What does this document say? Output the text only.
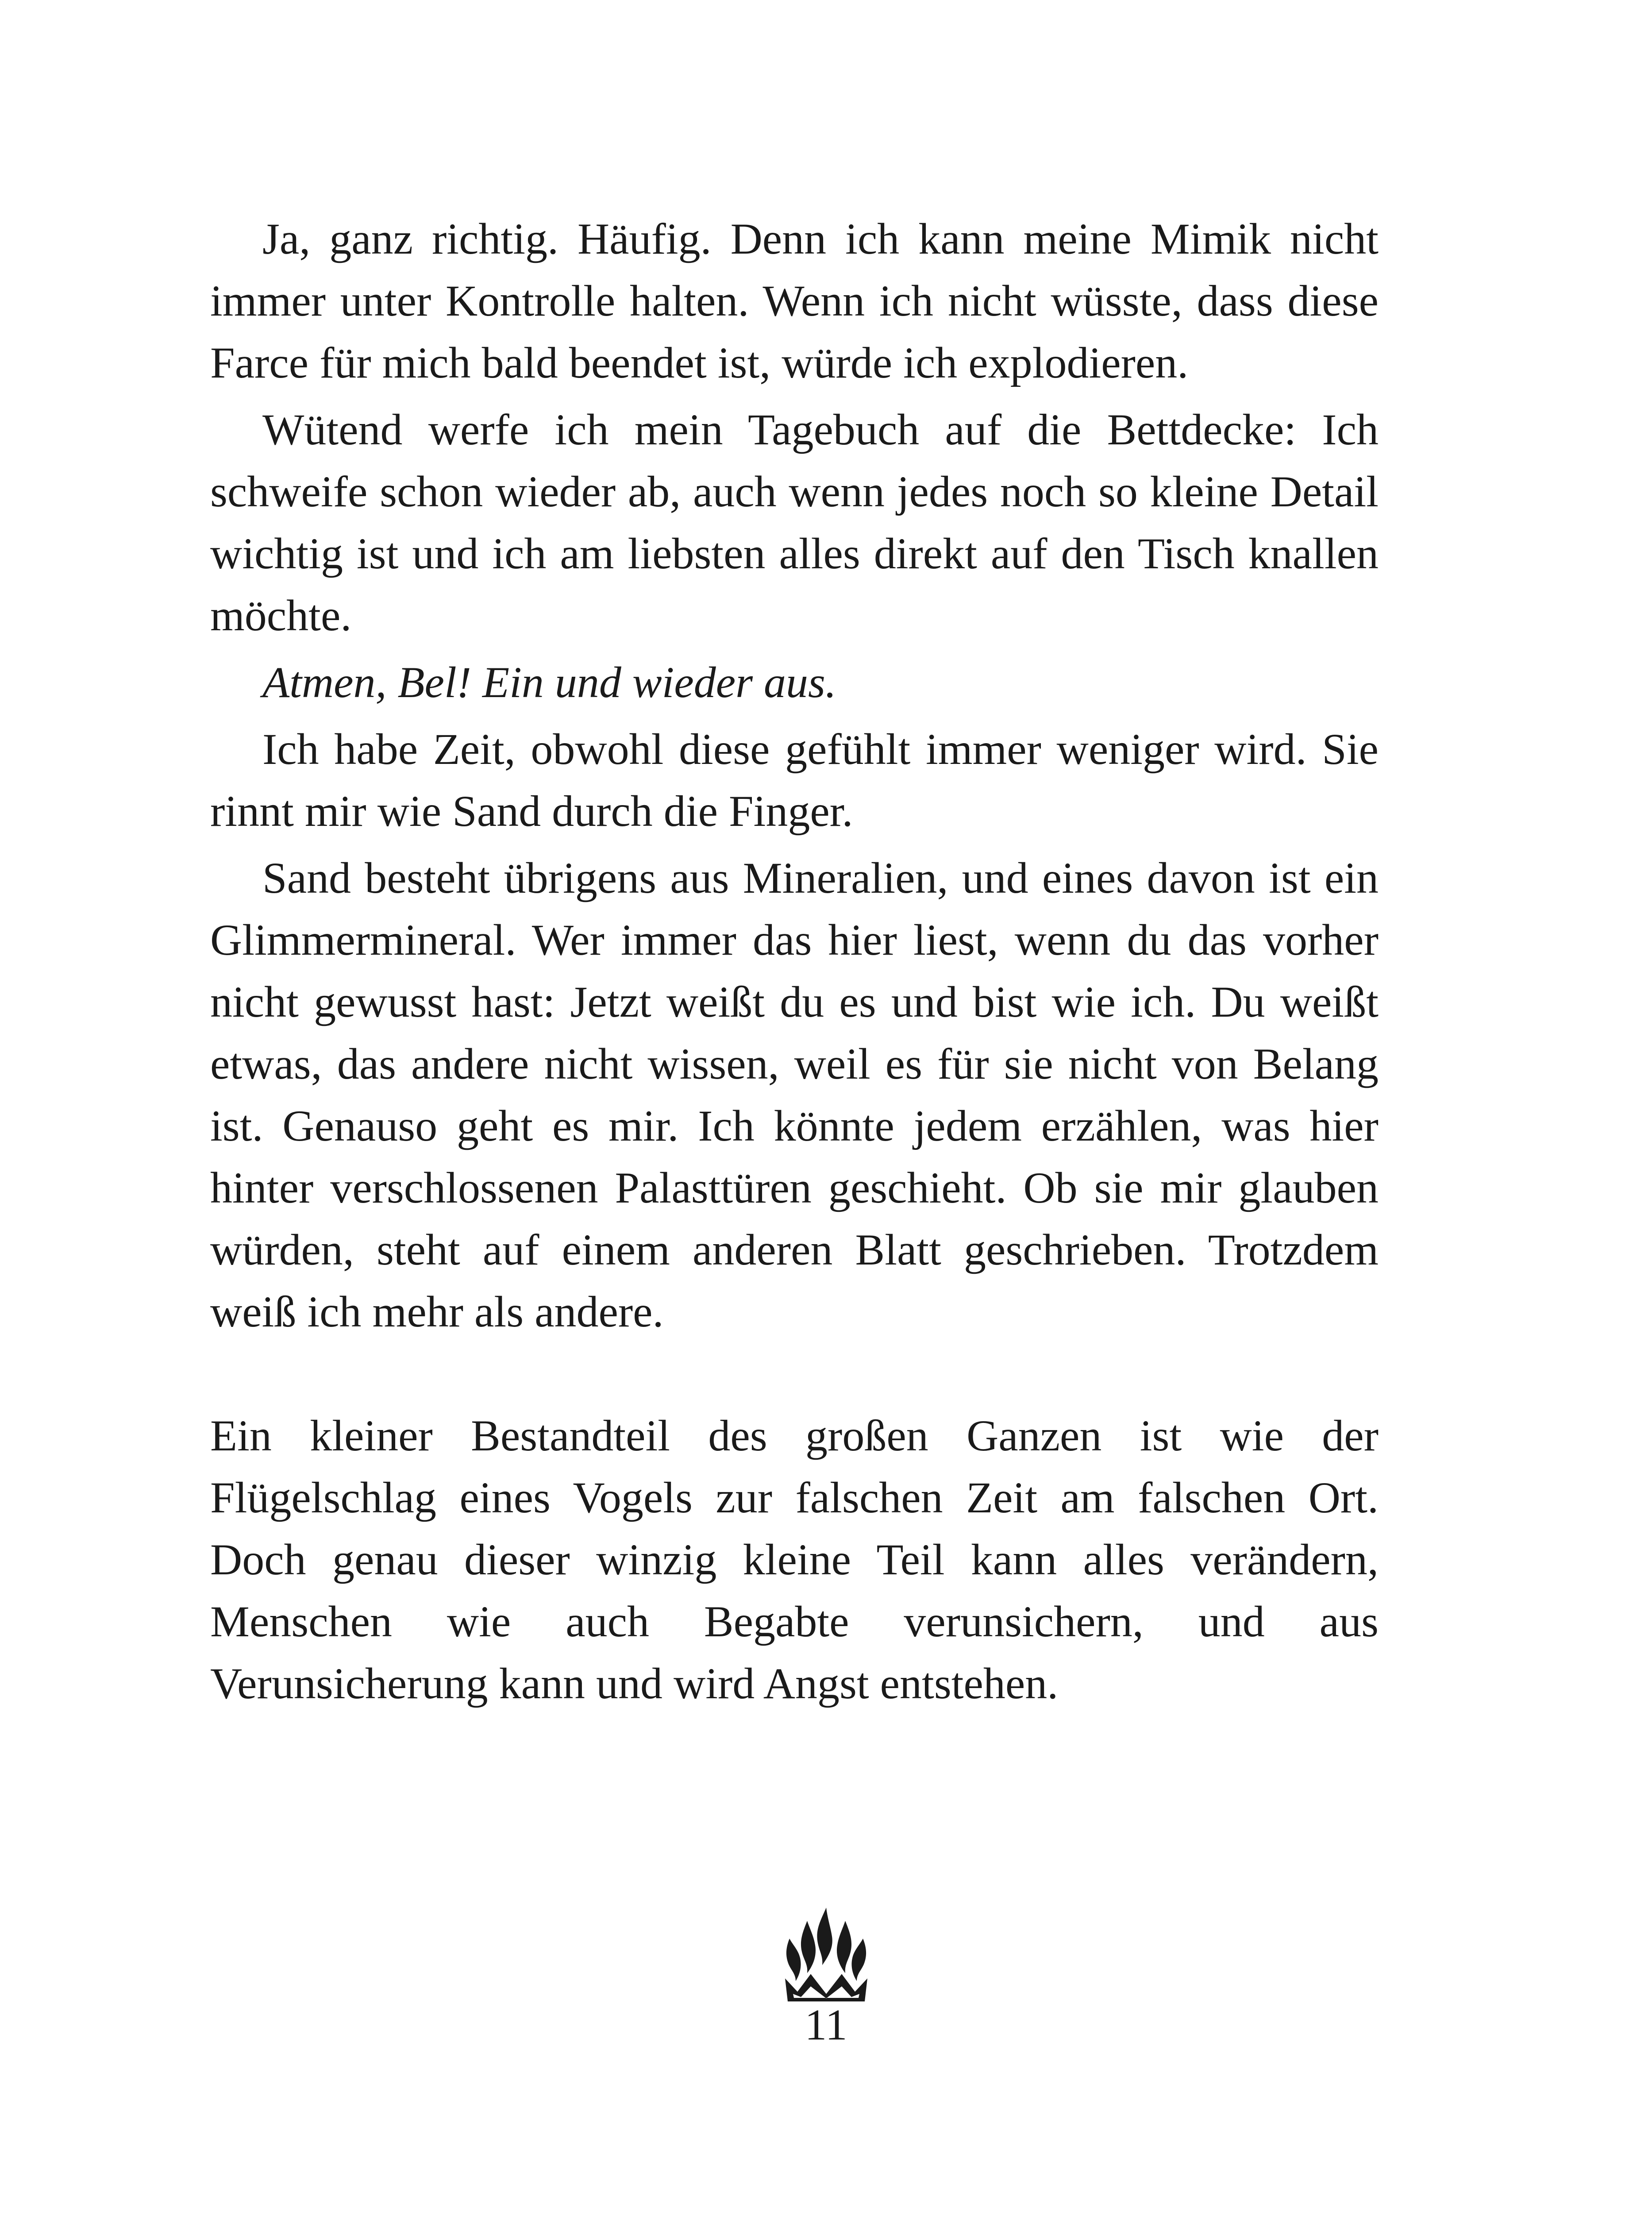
Ja, ganz richtig. Häufig. Denn ich kann meine Mimik nicht immer unter Kontrolle halten. Wenn ich nicht wüsste, dass diese Farce für mich bald beendet ist, würde ich explodieren.

Wütend werfe ich mein Tagebuch auf die Bettdecke: Ich schweife schon wieder ab, auch wenn jedes noch so kleine Detail wichtig ist und ich am liebsten alles direkt auf den Tisch knallen möchte.

Atmen, Bel! Ein und wieder aus.

Ich habe Zeit, obwohl diese gefühlt immer weniger wird. Sie rinnt mir wie Sand durch die Finger.

Sand besteht übrigens aus Mineralien, und eines davon ist ein Glimmermineral. Wer immer das hier liest, wenn du das vorher nicht gewusst hast: Jetzt weißt du es und bist wie ich. Du weißt etwas, das andere nicht wissen, weil es für sie nicht von Belang ist. Genauso geht es mir. Ich könnte jedem erzählen, was hier hinter verschlossenen Palasttüren geschieht. Ob sie mir glauben würden, steht auf einem anderen Blatt geschrieben. Trotzdem weiß ich mehr als andere.

Ein kleiner Bestandteil des großen Ganzen ist wie der Flügelschlag eines Vogels zur falschen Zeit am falschen Ort. Doch genau dieser winzig kleine Teil kann alles verändern, Menschen wie auch Begabte verunsichern, und aus Verunsicherung kann und wird Angst entstehen.

11
